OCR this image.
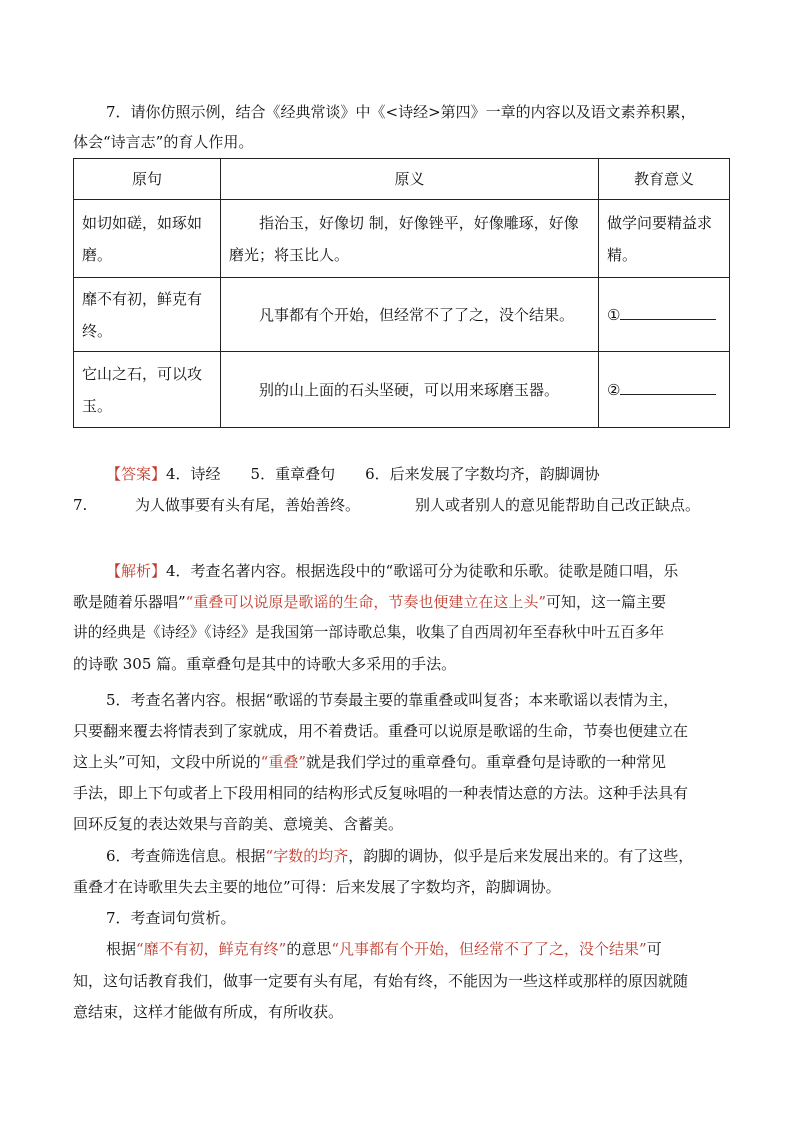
7．请你仿照示例，结合《经典常谈》中《<诗经>第四》一章的内容以及语文素养积累，
体会“诗言志”的育人作用。
原句	原义	教育意义

如切如磋，如琢如磨。	指治玉，好像切 制，好像锉平，好像雕琢，好像磨光；将玉比人。	做学问要精益求精。

靡不有初，鲜克有终。	凡事都有个开始，但经常不了了之，没个结果。	①

它山之石，可以攻玉。	别的山上面的石头坚硬，可以用来琢磨玉器。	②
【答案】4．诗经　　5．重章叠句　　6．后来发展了字数均齐，韵脚调协
7.	为人做事要有头有尾，善始善终。	别人或者别人的意见能帮助自己改正缺点。
【解析】4．考查名著内容。根据选段中的“歌谣可分为徒歌和乐歌。徒歌是随口唱，乐
歌是随着乐器唱”“重叠可以说原是歌谣的生命，节奏也便建立在这上头”可知，这一篇主要
讲的经典是《诗经》《诗经》是我国第一部诗歌总集，收集了自西周初年至春秋中叶五百多年
的诗歌 305 篇。重章叠句是其中的诗歌大多采用的手法。
5．考查名著内容。根据“歌谣的节奏最主要的靠重叠或叫复沓；本来歌谣以表情为主，
只要翻来覆去将情表到了家就成，用不着费话。重叠可以说原是歌谣的生命，节奏也便建立在
这上头”可知，文段中所说的“重叠”就是我们学过的重章叠句。重章叠句是诗歌的一种常见
手法，即上下句或者上下段用相同的结构形式反复咏唱的一种表情达意的方法。这种手法具有
回环反复的表达效果与音韵美、意境美、含蓄美。
6．考查筛选信息。根据“字数的均齐，韵脚的调协，似乎是后来发展出来的。有了这些，
重叠才在诗歌里失去主要的地位”可得：后来发展了字数均齐，韵脚调协。
7．考查词句赏析。
根据“靡不有初，鲜克有终”的意思“凡事都有个开始，但经常不了了之，没个结果”可
知，这句话教育我们，做事一定要有头有尾，有始有终，不能因为一些这样或那样的原因就随
意结束，这样才能做有所成，有所收获。
